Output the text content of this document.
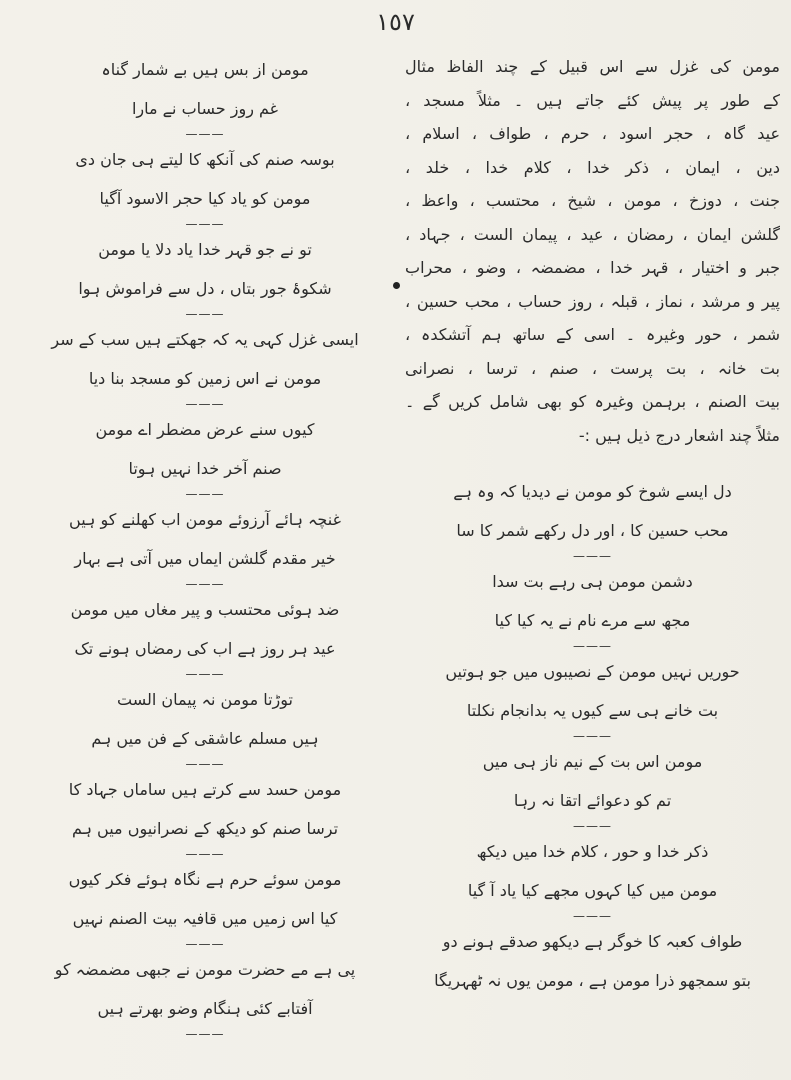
١٥٧
مومن کی غزل سے اس قبیل کے چند الفاظ مثال
کے طور پر پیش کئے جاتے ہیں ۔ مثلاً مسجد ،
عید گاہ ، حجر اسود ، حرم ، طواف ، اسلام ،
دین ، ایمان ، ذکر خدا ، کلام خدا ، خلد ،
جنت ، دوزخ ، مومن ، شیخ ، محتسب ، واعظ ،
گلشن ایمان ، رمضان ، عید ، پیمان الست ، جہاد ،
جبر و اختیار ، قہر خدا ، مضمضہ ، وضو ، محراب
پیر و مرشد ، نماز ، قبلہ ، روز حساب ، محب حسین ،
شمر ، حور وغیرہ ۔ اسی کے ساتھ ہم آتشکدہ ،
بت خانہ ، بت پرست ، صنم ، ترسا ، نصرانی
بیت الصنم ، برہمن وغیرہ کو بھی شامل کریں گے ۔
مثلاً چند اشعار درج ذیل ہیں :-
دل ایسے شوخ کو مومن نے دیدیا کہ وہ ہے
محب حسین کا ، اور دل رکھے شمر کا سا
———
دشمن مومن ہی رہے بت سدا
مجھ سے مرے نام نے یہ کیا کیا
———
حوریں نہیں مومن کے نصیبوں میں جو ہوتیں
بت خانے ہی سے کیوں یہ بدانجام نکلتا
———
مومن اس بت کے نیم ناز ہی میں
تم کو دعوائے اتقا نہ رہا
———
ذکر خدا و حور ، کلام خدا میں دیکھ
مومن میں کیا کہوں مجھے کیا یاد آ گیا
———
طواف کعبہ کا خوگر ہے دیکھو صدقے ہونے دو
بتو سمجھو ذرا مومن ہے ، مومن یوں نہ ٹھہریگا
مومن از بس ہیں بے شمار گناہ
غم روز حساب نے مارا
———
بوسہ صنم کی آنکھ کا لیتے ہی جان دی
مومن کو یاد کیا حجر الاسود آگیا
———
تو نے جو قہر خدا یاد دلا یا مومن
شکوۂ جور بتاں ، دل سے فراموش ہوا
———
ایسی غزل کہی یہ کہ جھکتے ہیں سب کے سر
مومن نے اس زمین کو مسجد بنا دیا
———
کیوں سنے عرض مضطر اے مومن
صنم آخر خدا نہیں ہوتا
———
غنچہ ہائے آرزوئے مومن اب کھلنے کو ہیں
خیر مقدم گلشن ایماں میں آتی ہے بہار
———
ضد ہوئی محتسب و پیر مغاں میں مومن
عید ہر روز ہے اب کی رمضاں ہونے تک
———
توڑتا مومن نہ پیمان الست
ہیں مسلم عاشقی کے فن میں ہم
———
مومن حسد سے کرتے ہیں ساماں جہاد کا
ترسا صنم کو دیکھ کے نصرانیوں میں ہم
———
مومن سوئے حرم ہے نگاہ ہوئے فکر کیوں
کیا اس زمیں میں قافیہ بیت الصنم نہیں
———
پی ہے مے حضرت مومن نے جبھی مضمضہ کو
آفتابے کئی ہنگام وضو بھرتے ہیں
———
